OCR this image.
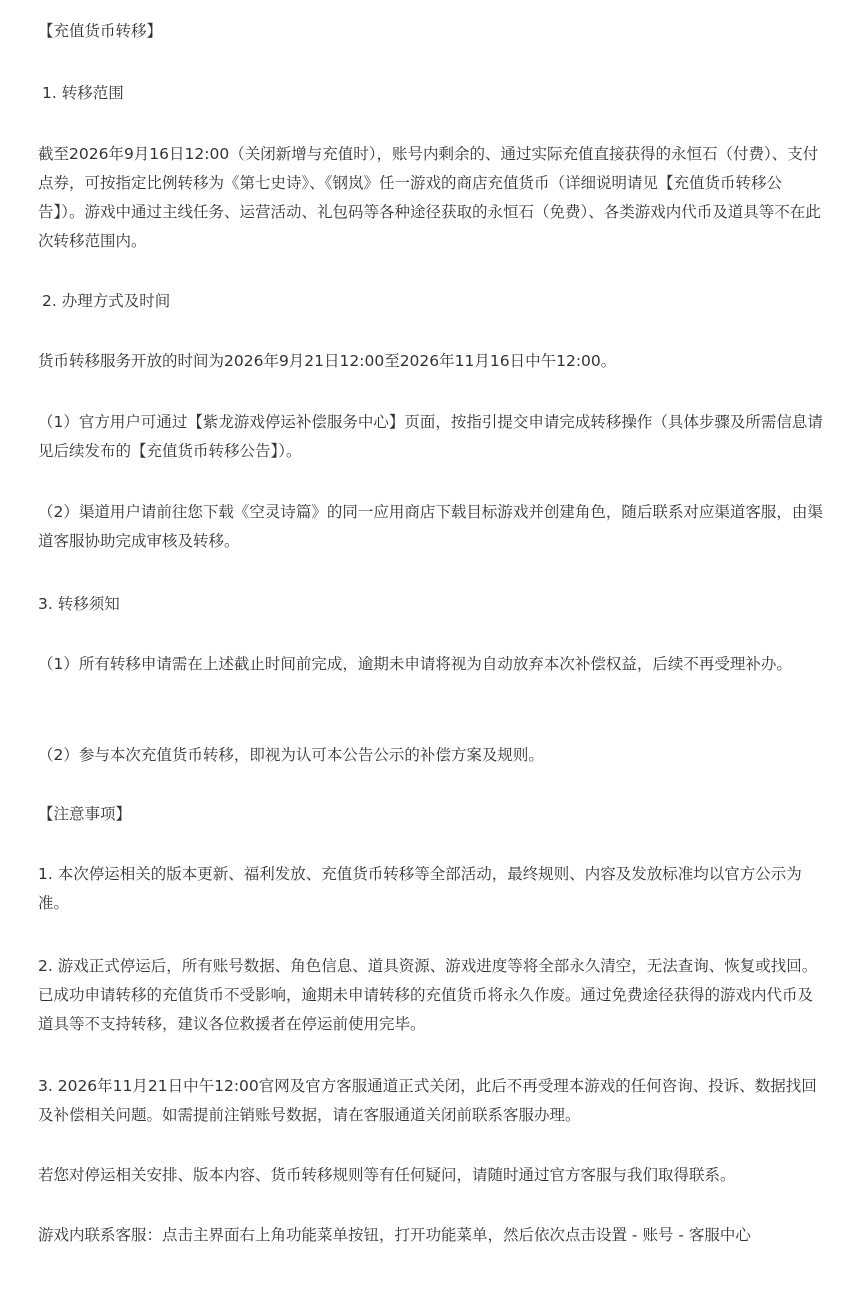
【充值货币转移】

1. 转移范围

截至2026年9月16日12:00（关闭新增与充值时），账号内剩余的、通过实际充值直接获得的永恒石（付费）、支付点券，可按指定比例转移为《第七史诗》、《钢岚》任一游戏的商店充值货币（详细说明请见【充值货币转移公告】）。游戏中通过主线任务、运营活动、礼包码等各种途径获取的永恒石（免费）、各类游戏内代币及道具等不在此次转移范围内。

2. 办理方式及时间

货币转移服务开放的时间为2026年9月21日12:00至2026年11月16日中午12:00。

（1）官方用户可通过【紫龙游戏停运补偿服务中心】页面，按指引提交申请完成转移操作（具体步骤及所需信息请见后续发布的【充值货币转移公告】）。

（2）渠道用户请前往您下载《空灵诗篇》的同一应用商店下载目标游戏并创建角色，随后联系对应渠道客服，由渠道客服协助完成审核及转移。

3. 转移须知

（1）所有转移申请需在上述截止时间前完成，逾期未申请将视为自动放弃本次补偿权益，后续不再受理补办。

（2）参与本次充值货币转移，即视为认可本公告公示的补偿方案及规则。

【注意事项】

1. 本次停运相关的版本更新、福利发放、充值货币转移等全部活动，最终规则、内容及发放标准均以官方公示为准。

2. 游戏正式停运后，所有账号数据、角色信息、道具资源、游戏进度等将全部永久清空，无法查询、恢复或找回。已成功申请转移的充值货币不受影响，逾期未申请转移的充值货币将永久作废。通过免费途径获得的游戏内代币及道具等不支持转移，建议各位救援者在停运前使用完毕。

3. 2026年11月21日中午12:00官网及官方客服通道正式关闭，此后不再受理本游戏的任何咨询、投诉、数据找回及补偿相关问题。如需提前注销账号数据，请在客服通道关闭前联系客服办理。

若您对停运相关安排、版本内容、货币转移规则等有任何疑问，请随时通过官方客服与我们取得联系。

游戏内联系客服：点击主界面右上角功能菜单按钮，打开功能菜单，然后依次点击设置 - 账号 - 客服中心
